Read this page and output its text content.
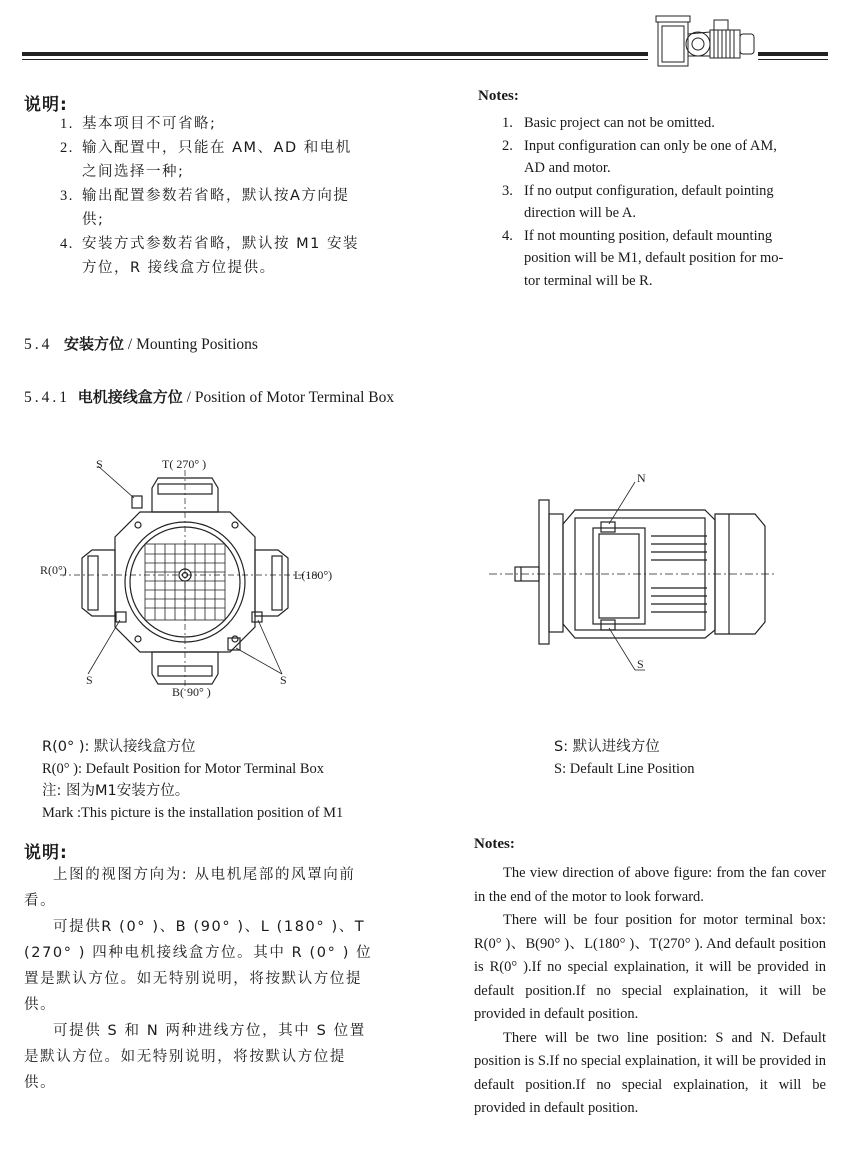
说明:
1. 基本项目不可省略;
2. 输入配置中，只能在 AM、AD 和电机
之间选择一种;
3. 输出配置参数若省略，默认按A方向提
供;
4. 安装方式参数若省略，默认按 M1 安装
方位，R 接线盒方位提供。
Notes:
1. Basic project can not be omitted.
2. Input configuration can only be one of AM,
AD and motor.
3. If no output configuration, default pointing
direction will be A.
4. If not mounting position, default mounting
position will be M1, default position for mo-
tor terminal will be R.
5.4 安装方位 / Mounting Positions
5.4.1 电机接线盒方位 / Position of Motor Terminal Box
T( 270° )
S
R(0°)	L(180°)
S	S
B( 90° )
N
S
R(0° ): 默认接线盒方位
R(0° ): Default Position for Motor Terminal Box
注: 图为M1安装方位。
Mark :This picture is the installation position of M1
S: 默认进线方位
S: Default Line Position
说明:

上图的视图方向为: 从电机尾部的风罩向前看。

可提供R (0° )、B (90° )、L (180° )、T (270° ) 四种电机接线盒方位。其中 R (0° ) 位置是默认方位。如无特别说明，将按默认方位提供。

可提供 S 和 N 两种进线方位，其中 S 位置是默认方位。如无特别说明，将按默认方位提供。

Notes:

The view direction of above figure: from the fan cover in the end of the motor to look forward.

There will be four position for motor terminal box: R(0° )、B(90° )、L(180° )、T(270° ). And default position is R(0° ).If no special explaination, it will be provided in default position.If no special explaination, it will be provided in default position.

There will be two line position: S and N. Default position is S.If no special explaination, it will be provided in default position.If no special explaination, it will be provided in default position.
